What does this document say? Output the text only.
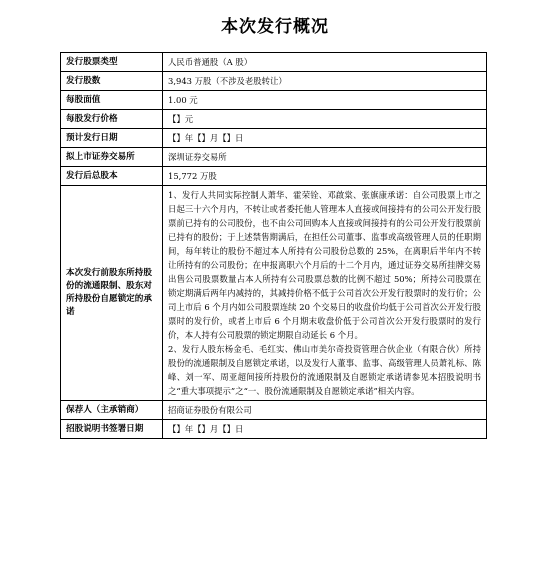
本次发行概况
发行股票类型	人民币普通股（A 股）
发行股数	3,943 万股（不涉及老股转让）
每股面值	1.00 元
每股发行价格	【】元
预计发行日期	【】年【】月【】日
拟上市证券交易所	深圳证券交易所
发行后总股本	15,772 万股
本次发行前股东所持股份的流通限制、股东对所持股份自愿锁定的承诺	1、发行人共同实际控制人萧华、霍荣铨、邓啟棠、张旗康承诺：自公司股票上市之日起三十六个月内，不转让或者委托他人管理本人直接或间接持有的公司公开发行股票前已持有的公司股份，也不由公司回购本人直接或间接持有的公司公开发行股票前已持有的股份；于上述禁售期满后，在担任公司董事、监事或高级管理人员的任职期间，每年转让的股份不超过本人所持有公司股份总数的 25%，在离职后半年内不转让所持有的公司股份；在申报离职六个月后的十二个月内，通过证券交易所挂牌交易出售公司股票数量占本人所持有公司股票总数的比例不超过 50%；所持公司股票在锁定期满后两年内减持的，其减持价格不低于公司首次公开发行股票时的发行价；公司上市后 6 个月内如公司股票连续 20 个交易日的收盘价均低于公司首次公开发行股票时的发行价，或者上市后 6 个月期末收盘价低于公司首次公开发行股票时的发行价，本人持有公司股票的锁定期限自动延长 6 个月。

2、发行人股东杨金毛、毛红实、佛山市美尔奇投资管理合伙企业（有限合伙）所持股份的流通限制及自愿锁定承诺，以及发行人董事、监事、高级管理人员萧礼标、陈峰、刘一军、周亚超间接所持股份的流通限制及自愿锁定承诺请参见本招股说明书之“重大事项提示”之“一、股份流通限制及自愿锁定承诺”相关内容。

保荐人（主承销商）	招商证券股份有限公司
招股说明书签署日期	【】年【】月【】日
